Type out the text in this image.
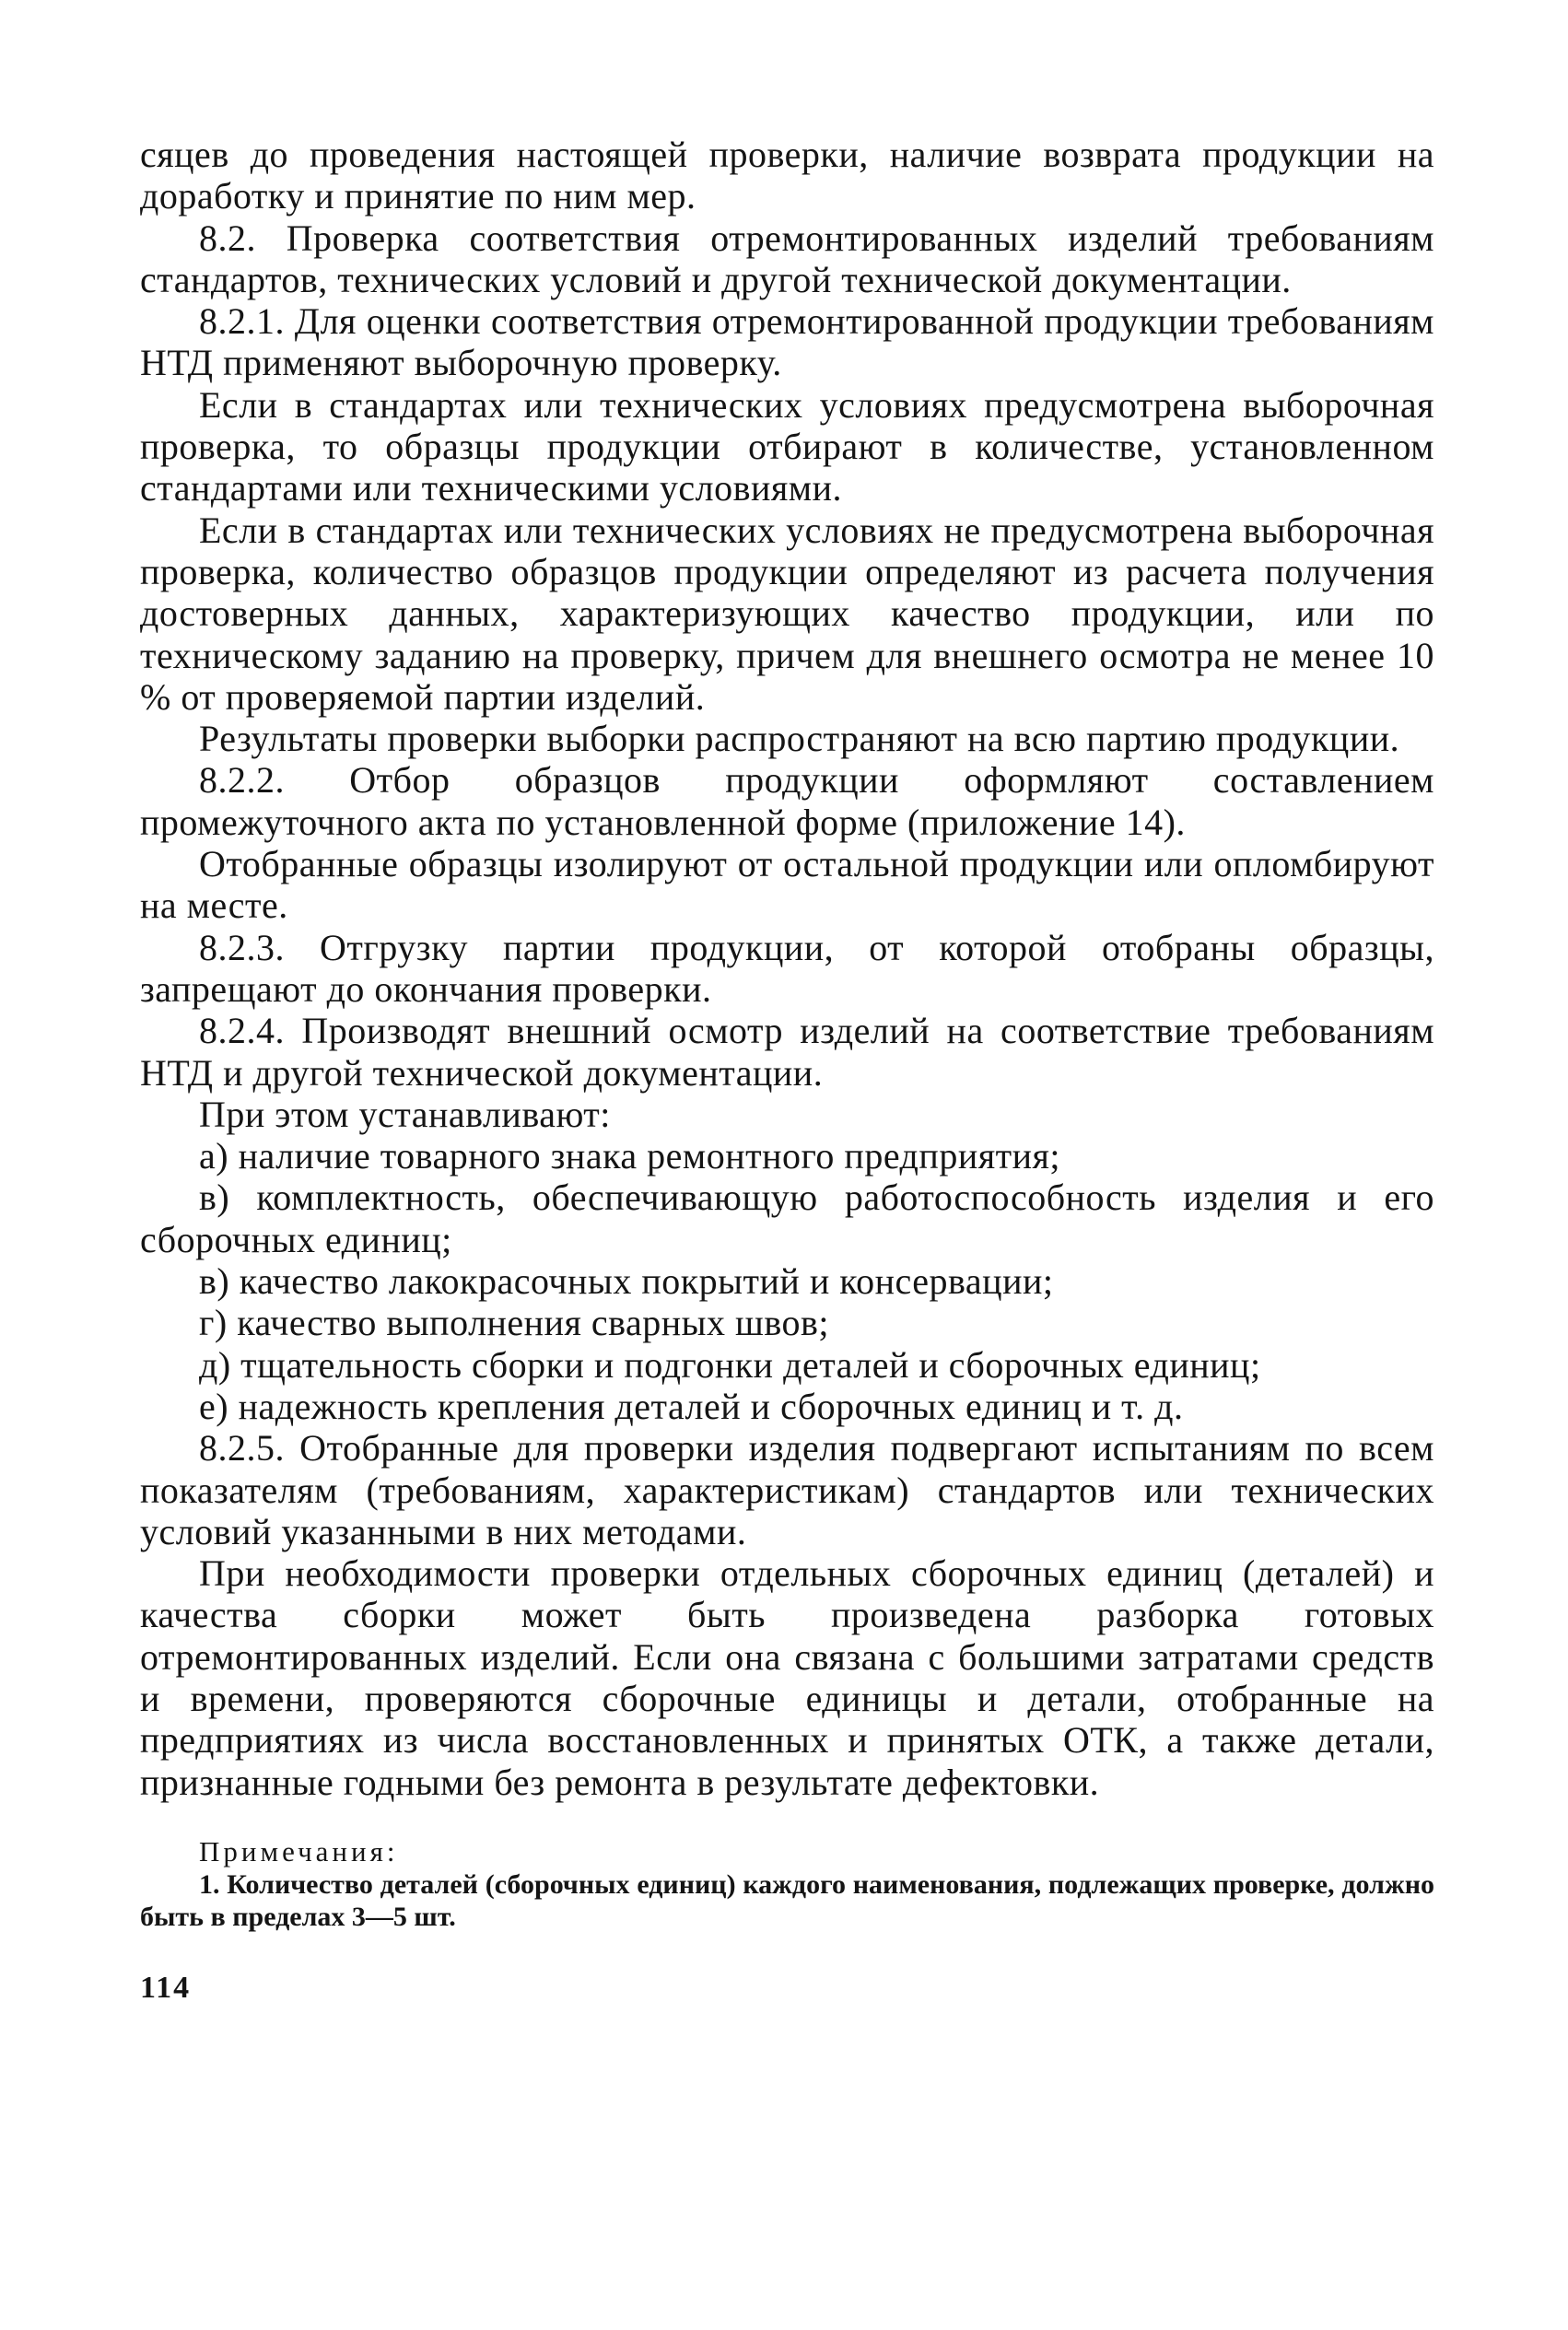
сяцев до проведения настоящей проверки, наличие возврата продукции на доработку и принятие по ним мер.

8.2. Проверка соответствия отремонтированных изделий требованиям стандартов, технических условий и другой технической документации.

8.2.1. Для оценки соответствия отремонтированной продукции требованиям НТД применяют выборочную проверку.

Если в стандартах или технических условиях предусмотрена выборочная проверка, то образцы продукции отбирают в количестве, установленном стандартами или техническими условиями.

Если в стандартах или технических условиях не предусмотрена выборочная проверка, количество образцов продукции определяют из расчета получения достоверных данных, характеризующих качество продукции, или по техническому заданию на проверку, причем для внешнего осмотра не менее 10 % от проверяемой партии изделий.

Результаты проверки выборки распространяют на всю партию продукции.

8.2.2. Отбор образцов продукции оформляют составлением промежуточного акта по установленной форме (приложение 14).

Отобранные образцы изолируют от остальной продукции или опломбируют на месте.

8.2.3. Отгрузку партии продукции, от которой отобраны образцы, запрещают до окончания проверки.

8.2.4. Производят внешний осмотр изделий на соответствие требованиям НТД и другой технической документации.

При этом устанавливают:

а) наличие товарного знака ремонтного предприятия;

в) комплектность, обеспечивающую работоспособность изделия и его сборочных единиц;

в) качество лакокрасочных покрытий и консервации;

г) качество выполнения сварных швов;

д) тщательность сборки и подгонки деталей и сборочных единиц;

е) надежность крепления деталей и сборочных единиц и т. д.

8.2.5. Отобранные для проверки изделия подвергают испытаниям по всем показателям (требованиям, характеристикам) стандартов или технических условий указанными в них методами.

При необходимости проверки отдельных сборочных единиц (деталей) и качества сборки может быть произведена разборка готовых отремонтированных изделий. Если она связана с большими затратами средств и времени, проверяются сборочные единицы и детали, отобранные на предприятиях из числа восстановленных и принятых ОТК, а также детали, признанные годными без ремонта в результате дефектовки.

Примечания:

1. Количество деталей (сборочных единиц) каждого наименования, подлежащих проверке, должно быть в пределах 3—5 шт.

114
